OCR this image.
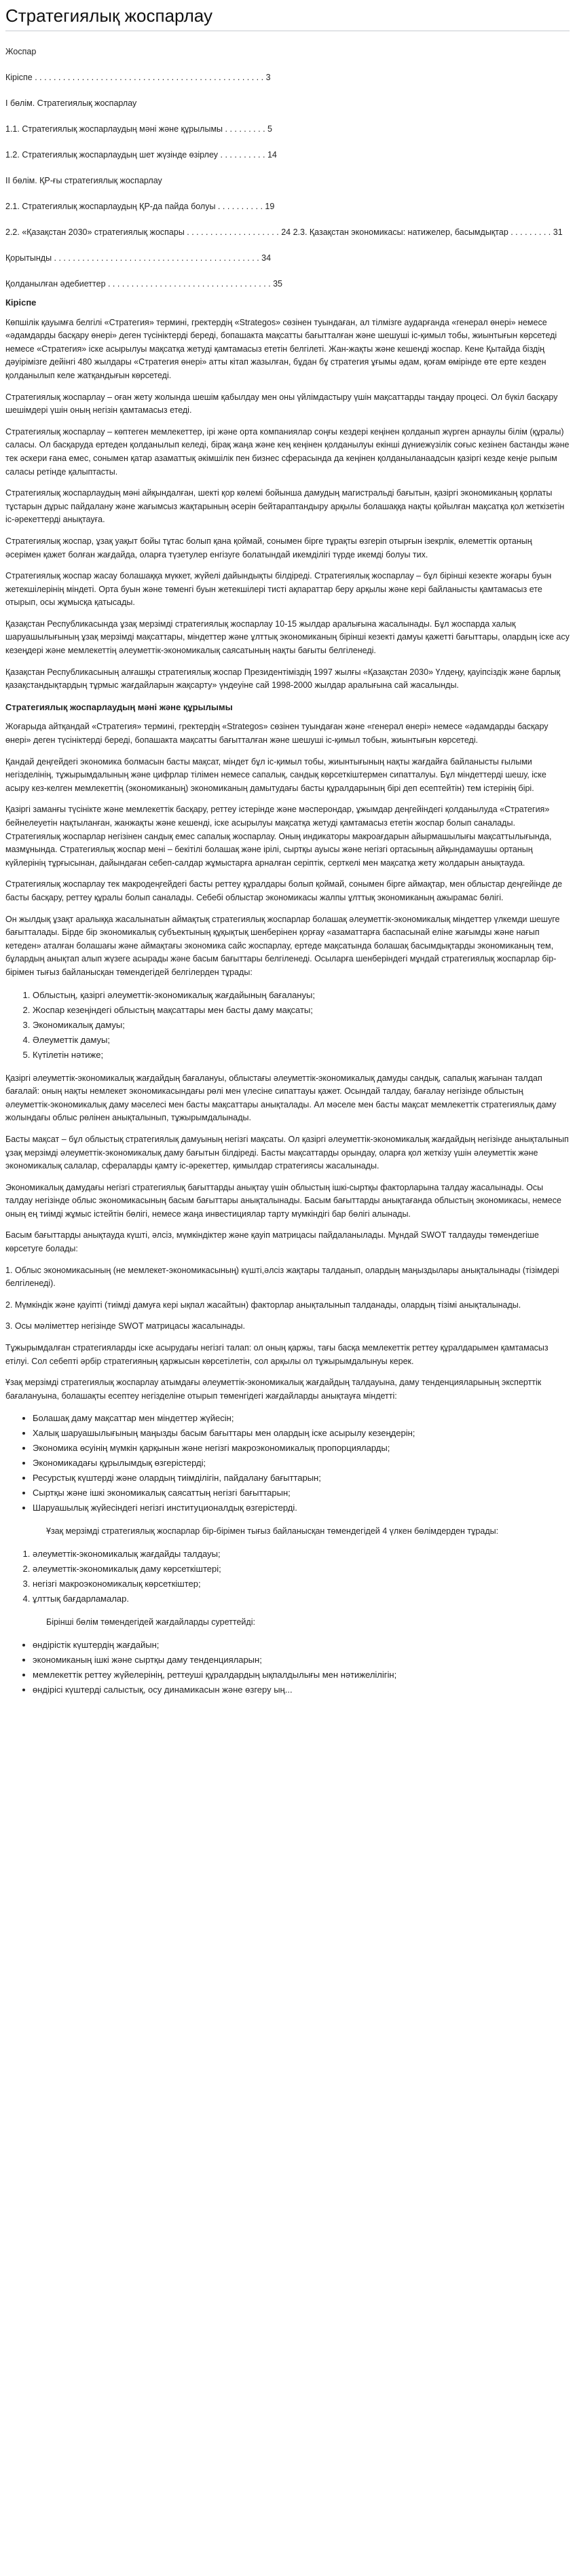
Стратегиялық жоспарлау

Жоспар

Кіріспе . . . . . . . . . . . . . . . . . . . . . . . . . . . . . . . . . . . . . . . . . . . . . . . . . 3

І бөлім. Стратегиялық жоспарлау

1.1. Стратегиялық жоспарлаудың мәні және құрылымы . . . . . . . . . 5

1.2. Стратегиялық жоспарлаудың шет жүзінде өзірлеу . . . . . . . . . . 14

ІІ бөлім. ҚР-ғы стратегиялық жоспарлау

2.1. Стратегиялық жоспарлаудың ҚР-да пайда болуы . . . . . . . . . . 19

2.2. «Қазақстан 2030» стратегиялық жоспары . . . . . . . . . . . . . . . . . . . . 24 2.3. Қазақстан экономикасы: натижелер, басымдықтар . . . . . . . . . 31

Қорытынды . . . . . . . . . . . . . . . . . . . . . . . . . . . . . . . . . . . . . . . . . . . . 34

Қолданылған әдебиеттер . . . . . . . . . . . . . . . . . . . . . . . . . . . . . . . . . . . 35

Кіріспе

Көпшілік қауымға белгілі «Стратегия» термині, гректердің «Strategos» сөзінен туындаған, ал тілмізге аударғанда «генерал өнері» немесе «әдамдарды басқару өнері» деген түсініктерді береді, бопашакта мақсатты бағытталған және шешуші іс-қимыл тобы, жиынтығын көрсетеді немесе «Стратегия» іске асырылуы мақсатқа жетуді қамтамасыз ететін белгілеті. Жан-жақты және кешенді жоспар. Кене Қытайда біздің дәуірімізге дейінгі 480 жылдары «Стратегия өнері» атты кітап жазылған, бұдан бұ стратегия ұғымы әдам, қоғам өмірінде өте ерте кезден қолданылып келе жатқандығын көрсетеді.

Стратегиялық жоспарлау – оған жету жолында шешім қабылдау мен оны үйлімдастыру үшін мақсаттарды таңдау процесі. Ол бүкіл басқару шешімдері үшін оның негізін қамтамасыз етеді.

Стратегиялық жоспарлау – көптеген мемлекеттер, ірі және орта компаниялар соңғы кездері кеңінен қолданып жүрген арнаулы білім (құралы) саласы. Ол басқаруда ертеден қолданылып келеді, бірақ жаңа және кең кеңінен қолданылуы екінші дүниежүзілік соғыс кезінен бастанды және тек әскери ғана емес, сонымен қатар азаматтық әкімшілік пен бизнес сферасында да кеңінен қолданыланаадсын қазіргі кезде кеңіе рыпым саласы ретінде қалыптасты.

Стратегиялық жоспарлаудың мәні айқындалған, шекті қор көлемі бойынша дамудың магистральді бағытын, қазіргі экономиканың қорлаты тұстарын дұрыс пайдалану және жағымсыз жақтарының әсерін бейтараптандыру арқылы болашаққа нақты қойылған мақсатқа қол жеткізетін іс-әрекеттерді анықтауға.

Стратегиялық жоспар, ұзақ уақыт бойы тұтас болып қана қоймай, сонымен бірге тұрақты өзгеріп отырғын ізекрлік, өлеметтік ортаның әсерімен қажет болған жағдайда, оларға түзетулер енгізуге болатындай икемділігі түрде икемді болуы тих.

Стратегиялық жоспар жасау болашаққа мүккет, жүйелі дайындықты білдіреді. Стратегиялық жоспарлау – бұл бірінші кезекте жоғары буын жетекшілерінің міндеті. Орта буын және төменгі буын жетекшілері тисті ақпараттар беру арқылы және кері байланысты қамтамасыз ете отырып, осы жұмысқа қатысады.

Қазақстан Республикасында ұзақ мерзімді стратегиялық жоспарлау 10-15 жылдар аралығына жасалынады. Бұл жоспарда халық шаруашылығының ұзақ мерзімді мақсаттары, міндеттер және ұлттық экономиканың бірінші кезекті дамуы қажетті бағыттары, олардың іске асу кезеңдері және мемлекеттің әлеуметтік-экономикалық саясатының нақты бағыты белгіленеді.

Қазақстан Республикасының алғашқы стратегиялық жоспар Президентіміздің 1997 жылғы «Қазақстан 2030» Үлдеңу, қауіпсіздік және барлық қазақстандықтардың тұрмыс жағдайларын жақсарту» үндеуіне сай 1998-2000 жылдар аралығына сай жасалынды.

Стратегиялық жоспарлаудың мәні және құрылымы

Жоғарыда айтқандай «Стратегия» термині, гректердің «Strategos» сөзінен туындаған және «генерал өнері» немесе «әдамдарды басқару өнері» деген түсініктерді береді, бопашакта мақсатты бағытталған және шешуші іс-қимыл тобын, жиынтығын көрсетеді.

Қандай деңгейдегі экономика болмасын басты мақсат, міндет бұл іс-қимыл тобы, жиынтығының нақты жағдайға байланысты ғылыми негізделінің, тұжырымдалының және цифрлар тілімен немесе сапалық, сандық көрсеткіштермен сипатталуы. Бұл міндеттерді шешу, іске асыру кез-келген мемлекеттің (экономиканың) экономиканың дамытудағы басты құралдарының бірі деп есептейтін) тем істерінің бірі.

Қазіргі заманғы түсінікте және мемлекеттік басқару, реттеу істерінде және мәсперондар, ұжымдар деңгейіндегі қолданылуда «Стратегия» бейнелеуетін нақтыланған, жанжақты және кешенді, іске асырылуы мақсатқа жетуді қамтамасыз ететін жоспар болып саналады. Стратегиялық жоспарлар негізінен сандық емес сапалық жоспарлау. Оның индикаторы макроағдарын айырмашылығы мақсаттылығында, мазмұнында. Стратегиялық жоспар мені – бекітілі болашақ және ірілі, сыртқы ауысы және негізгі ортасының айқындамаушы ортаның күйлерінің тұрғысынан, дайындаған себеп-салдар жұмыстарға арналған серіптік, серткелі мен мақсатқа жету жолдарын анықтауда.

Стратегиялық жоспарлау тек макродеңгейдегі басты реттеу құралдары болып қоймай, сонымен бірге аймақтар, мен облыстар деңгейінде де басты басқару, реттеу құралы болып саналады. Себебі облыстар экономикасы жалпы ұлттық экономиканың ажырамас бөлігі.

Он жылдық ұзақт аралыққа жасалынатын аймақтық стратегиялық жоспарлар болашақ әлеуметтік-экономикалық міндеттер үлкемди шешуге бағытталады. Бірде бір экономикалық субъектының құқықтық шенберінен қорғау «азаматтарға баспасынай еліне жағымды және нағып кетеден» аталған болашағы және аймақтағы экономика сайс жоспарлау, ертеде мақсатында болашақ басымдықтарды экономиканың тем, бұлардың анықтап алып жүзеге асырады және басым бағыттары белгіленеді. Осыларға шенберіндегі мұндай стратегиялық жоспарлар бір-бірімен тығыз байланысқан төмендегідей белгілерден тұрады:

1. Облыстың, қазіргі әлеуметтік-экономикалық жағдайының бағалануы;
2. Жоспар кезеңіндегі облыстың мақсаттары мен басты даму мақсаты;
3. Экономикалық дамуы;
4. Әлеуметтік дамуы;
5. Күтілетін нәтиже;

Қазіргі әлеуметтік-экономикалық жағдайдың бағалануы, облыстағы әлеуметтік-экономикалық дамуды сандық, сапалық жағынан талдап бағалай: оның нақты немлекет экономикасындағы рөлі мен үлесіне сипаттауы қажет. Осындай талдау, бағалау негізінде облыстың әлеуметтік-экономикалық даму мәселесі мен басты мақсаттары анықталады. Ал мәселе мен басты мақсат мемлекеттік стратегиялық даму жолындағы облыс рөлінен анықталынып, тұжырымдалынады.

Басты мақсат – бұл облыстық стратегиялық дамуының негізгі мақсаты. Ол қазіргі әлеуметтік-экономикалық жағдайдың негізінде анықталынып ұзақ мерзімді әлеуметтік-экономикалық даму бағытын білдіреді. Басты мақсаттарды орындау, оларға қол жеткізу үшін әлеуметтік және экономикалық салалар, сфераларды қамту іс-әрекеттер, қимылдар стратегиясы жасалынады.

Экономикалық дамудағы негізгі стратегиялық бағыттарды анықтау үшін облыстың ішкі-сыртқы факторларына талдау жасалынады. Осы талдау негізінде облыс экономикасының басым бағыттары анықталынады. Басым бағыттарды анықтағанда облыстың экономикасы, немесе оның ең тиімді жұмыс істейтін бөлігі, немесе жаңа инвестициялар тарту мүмкіндігі бар бөлігі алынады.

Басым бағыттарды анықтауда күшті, әлсіз, мүмкіндіктер және қауіп матрицасы пайдаланылады. Мұндай SWOT талдауды төмендегіше көрсетуге болады:

1. Облыс экономикасының (не мемлекет-экономикасының) күшті,әлсіз жақтары талданып, олардың маңыздылары анықталынады (тізімдері белгіленеді).

2. Мүмкіндік және қауіпті (тиімді дамуға кері ықпал жасайтын) факторлар анықталынып талданады, олардың тізімі анықталынады.

3. Осы мәліметтер негізінде SWOT матрицасы жасалынады.

Тұжырымдалған стратегияларды іске асырудағы негізгі талап: ол оның қаржы, тағы басқа мемлекеттік реттеу құралдарымен қамтамасыз етілуі. Сол себепті әрбір стратегияның қаржысын көрсетілетін, сол арқылы ол тұжырымдалынуы керек.

Ұзақ мерзімді стратегиялық жоспарлау атымдағы әлеуметтік-экономикалық жағдайдың талдауына, даму тенденцияларының эксперттік бағалануына, болашақты есептеу негізделіне отырып төменгідегі жағдайларды анықтауға міндетті:

• Болашақ даму мақсаттар мен міндеттер жүйесін;
• Халық шаруашылығының маңызды басым бағыттары мен олардың іске асырылу кезеңдерін;
• Экономика өсуінің мүмкін қарқынын және негізгі макроэкономикалық пропорцияларды;
• Экономикадағы құрылымдық өзгерістерді;
• Ресурстық күштерді және олардың тиімділігін, пайдалану бағыттарын;
• Сыртқы және ішкі экономикалық саясаттың негізгі бағыттарын;
• Шаруашылық жүйесіндегі негізгі институционалдық өзгерістерді.

Ұзақ мерзімді стратегиялық жоспарлар бір-бірімен тығыз байланысқан төмендегідей 4 үлкен бөлімдерден тұрады:

1. әлеуметтік-экономикалық жағдайды талдауы;
2. әлеуметтік-экономикалық даму көрсеткіштері;
3. негізгі макроэкономикалық көрсеткіштер;
4. ұлттық бағдарламалар.

Бірінші бөлім төмендегідей жағдайларды суреттейді:

• өндірістік күштердің жағдайын;
• экономиканың ішкі және сыртқы даму тенденцияларын;
• мемлекеттік реттеу жүйелерінің, реттеуші құралдардың ықпалдылығы мен нәтижелілігін;
• өндірісі күштерді салыстық, осу динамикасын және өзгеру ың...
